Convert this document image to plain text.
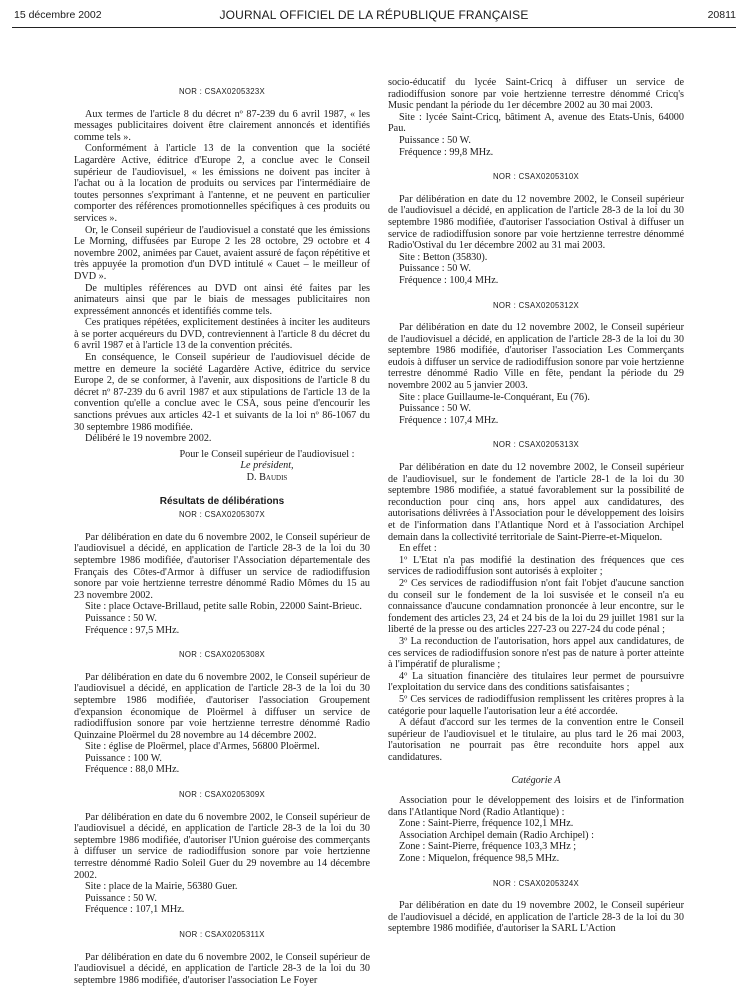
15 décembre 2002	JOURNAL OFFICIEL DE LA RÉPUBLIQUE FRANÇAISE	20811
NOR : CSAX0205323X

Aux termes de l'article 8 du décret nº 87-239 du 6 avril 1987, « les messages publicitaires doivent être clairement annoncés et identifiés comme tels ».

Conformément à l'article 13 de la convention que la société Lagardère Active, éditrice d'Europe 2, a conclue avec le Conseil supérieur de l'audiovisuel, « les émissions ne doivent pas inciter à l'achat ou à la location de produits ou services par l'intermédiaire de toutes personnes s'exprimant à l'antenne, et ne peuvent en particulier comporter des références promotionnelles spécifiques à ces produits ou services ».

Or, le Conseil supérieur de l'audiovisuel a constaté que les émissions Le Morning, diffusées par Europe 2 les 28 octobre, 29 octobre et 4 novembre 2002, animées par Cauet, avaient assuré de façon répétitive et très appuyée la promotion d'un DVD intitulé « Cauet – le meilleur of DVD ».

De multiples références au DVD ont ainsi été faites par les animateurs ainsi que par le biais de messages publicitaires non expressément annoncés et identifiés comme tels.

Ces pratiques répétées, explicitement destinées à inciter les auditeurs à se porter acquéreurs du DVD, contreviennent à l'article 8 du décret du 6 avril 1987 et à l'article 13 de la convention précités.

En conséquence, le Conseil supérieur de l'audiovisuel décide de mettre en demeure la société Lagardère Active, éditrice du service Europe 2, de se conformer, à l'avenir, aux dispositions de l'article 8 du décret nº 87-239 du 6 avril 1987 et aux stipulations de l'article 13 de la convention qu'elle a conclue avec le CSA, sous peine d'encourir les sanctions prévues aux articles 42-1 et suivants de la loi nº 86-1067 du 30 septembre 1986 modifiée.

Délibéré le 19 novembre 2002.

Pour le Conseil supérieur de l'audiovisuel :
Le président,
D. Baudis
Résultats de délibérations
NOR : CSAX0205307X

Par délibération en date du 6 novembre 2002, le Conseil supérieur de l'audiovisuel a décidé, en application de l'article 28-3 de la loi du 30 septembre 1986 modifiée, d'autoriser l'Association départementale des Français des Côtes-d'Armor à diffuser un service de radiodiffusion sonore par voie hertzienne terrestre dénommé Radio Mômes du 15 au 23 novembre 2002.

Site : place Octave-Brillaud, petite salle Robin, 22000 Saint-Brieuc.

Puissance : 50 W.

Fréquence : 97,5 MHz.

NOR : CSAX0205308X

Par délibération en date du 6 novembre 2002, le Conseil supérieur de l'audiovisuel a décidé, en application de l'article 28-3 de la loi du 30 septembre 1986 modifiée, d'autoriser l'association Groupement d'expansion économique de Ploërmel à diffuser un service de radiodiffusion sonore par voie hertzienne terrestre dénommé Radio Quinzaine Ploërmel du 28 novembre au 14 décembre 2002.

Site : église de Ploërmel, place d'Armes, 56800 Ploërmel.

Puissance : 100 W.

Fréquence : 88,0 MHz.

NOR : CSAX0205309X

Par délibération en date du 6 novembre 2002, le Conseil supérieur de l'audiovisuel a décidé, en application de l'article 28-3 de la loi du 30 septembre 1986 modifiée, d'autoriser l'Union guéroise des commerçants à diffuser un service de radiodiffusion sonore par voie hertzienne terrestre dénommé Radio Soleil Guer du 29 novembre au 14 décembre 2002.

Site : place de la Mairie, 56380 Guer.

Puissance : 50 W.

Fréquence : 107,1 MHz.

NOR : CSAX0205311X

Par délibération en date du 6 novembre 2002, le Conseil supérieur de l'audiovisuel a décidé, en application de l'article 28-3 de la loi du 30 septembre 1986 modifiée, d'autoriser l'association Le Foyer

socio-éducatif du lycée Saint-Cricq à diffuser un service de radiodiffusion sonore par voie hertzienne terrestre dénommé Cricq's Music pendant la période du 1er décembre 2002 au 30 mai 2003.

Site : lycée Saint-Cricq, bâtiment A, avenue des Etats-Unis, 64000 Pau.

Puissance : 50 W.

Fréquence : 99,8 MHz.

NOR : CSAX0205310X

Par délibération en date du 12 novembre 2002, le Conseil supérieur de l'audiovisuel a décidé, en application de l'article 28-3 de la loi du 30 septembre 1986 modifiée, d'autoriser l'association Ostival à diffuser un service de radiodiffusion sonore par voie hertzienne terrestre dénommé Radio'Ostival du 1er décembre 2002 au 31 mai 2003.

Site : Betton (35830).

Puissance : 50 W.

Fréquence : 100,4 MHz.

NOR : CSAX0205312X

Par délibération en date du 12 novembre 2002, le Conseil supérieur de l'audiovisuel a décidé, en application de l'article 28-3 de la loi du 30 septembre 1986 modifiée, d'autoriser l'association Les Commerçants eudois à diffuser un service de radiodiffusion sonore par voie hertzienne terrestre dénommé Radio Ville en fête, pendant la période du 29 novembre 2002 au 5 janvier 2003.

Site : place Guillaume-le-Conquérant, Eu (76).

Puissance : 50 W.

Fréquence : 107,4 MHz.

NOR : CSAX0205313X

Par délibération en date du 12 novembre 2002, le Conseil supérieur de l'audiovisuel, sur le fondement de l'article 28-1 de la loi du 30 septembre 1986 modifiée, a statué favorablement sur la possibilité de reconduction pour cinq ans, hors appel aux candidatures, des autorisations délivrées à l'Association pour le développement des loisirs et de l'information dans l'Atlantique Nord et à l'association Archipel demain dans la collectivité territoriale de Saint-Pierre-et-Miquelon.

En effet :

1º L'Etat n'a pas modifié la destination des fréquences que ces services de radiodiffusion sont autorisés à exploiter ;

2º Ces services de radiodiffusion n'ont fait l'objet d'aucune sanction du conseil sur le fondement de la loi susvisée et le conseil n'a eu connaissance d'aucune condamnation prononcée à leur encontre, sur le fondement des articles 23, 24 et 24 bis de la loi du 29 juillet 1981 sur la liberté de la presse ou des articles 227-23 ou 227-24 du code pénal ;

3º La reconduction de l'autorisation, hors appel aux candidatures, de ces services de radiodiffusion sonore n'est pas de nature à porter atteinte à l'impératif de pluralisme ;

4º La situation financière des titulaires leur permet de poursuivre l'exploitation du service dans des conditions satisfaisantes ;

5º Ces services de radiodiffusion remplissent les critères propres à la catégorie pour laquelle l'autorisation leur a été accordée.

A défaut d'accord sur les termes de la convention entre le Conseil supérieur de l'audiovisuel et le titulaire, au plus tard le 26 mai 2003, l'autorisation ne pourrait pas être reconduite hors appel aux candidatures.

Catégorie A

Association pour le développement des loisirs et de l'information dans l'Atlantique Nord (Radio Atlantique) :

Zone : Saint-Pierre, fréquence 102,1 MHz.

Association Archipel demain (Radio Archipel) :

Zone : Saint-Pierre, fréquence 103,3 MHz ;

Zone : Miquelon, fréquence 98,5 MHz.

NOR : CSAX0205324X

Par délibération en date du 19 novembre 2002, le Conseil supérieur de l'audiovisuel a décidé, en application de l'article 28-3 de la loi du 30 septembre 1986 modifiée, d'autoriser la SARL L'Action
